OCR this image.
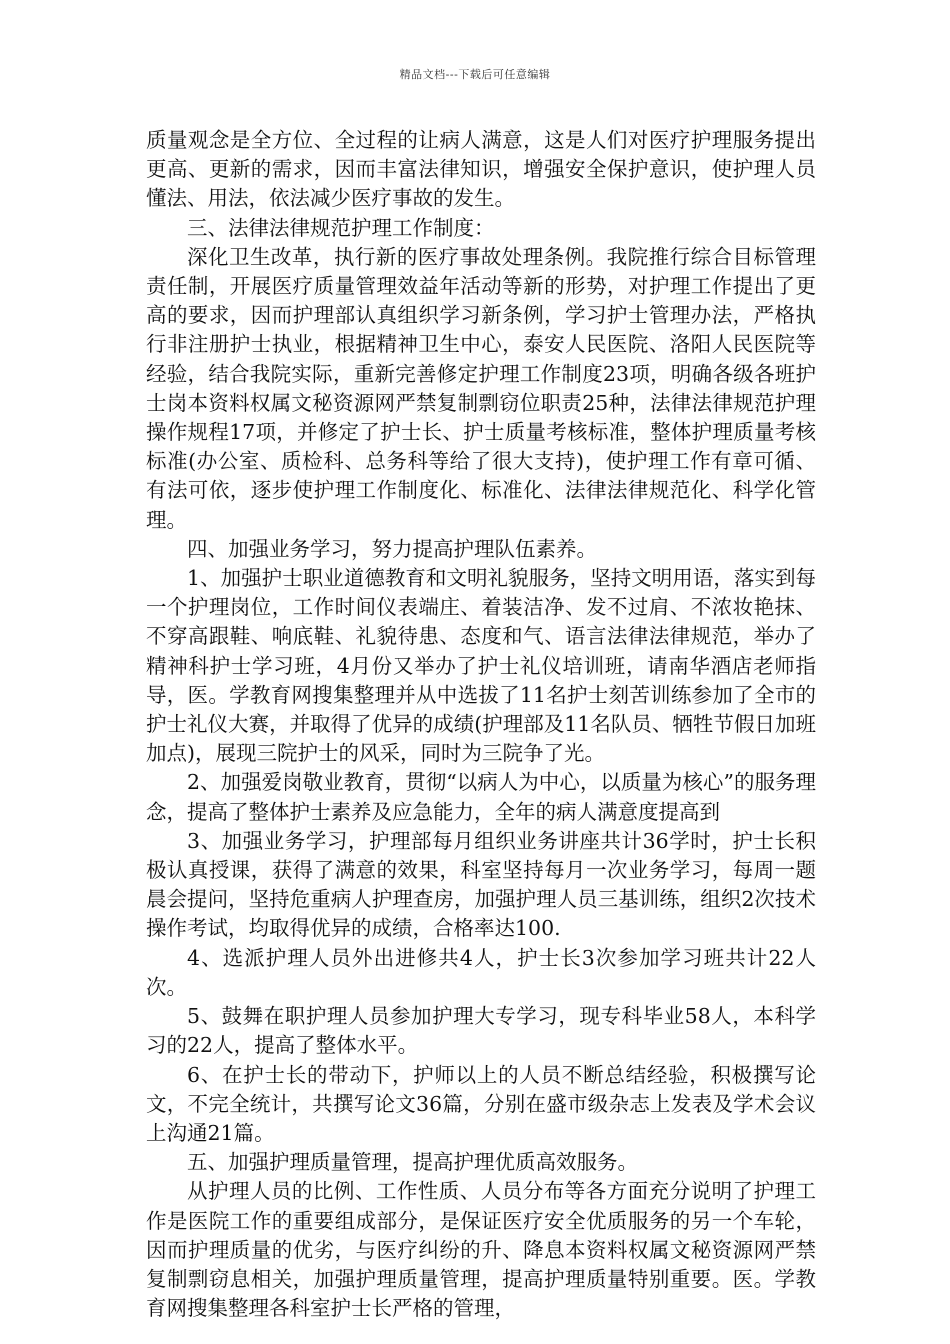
精品文档---下载后可任意编辑

质量观念是全方位、全过程的让病人满意，这是人们对医疗护理服务提出更高、更新的需求，因而丰富法律知识，增强安全保护意识，使护理人员懂法、用法，依法减少医疗事故的发生。

三、法律法律规范护理工作制度：

深化卫生改革，执行新的医疗事故处理条例。我院推行综合目标管理责任制，开展医疗质量管理效益年活动等新的形势，对护理工作提出了更高的要求，因而护理部认真组织学习新条例，学习护士管理办法，严格执行非注册护士执业，根据精神卫生中心，泰安人民医院、洛阳人民医院等经验，结合我院实际，重新完善修定护理工作制度23项，明确各级各班护士岗本资料权属文秘资源网严禁复制剽窃位职责25种，法律法律规范护理操作规程17项，并修定了护士长、护士质量考核标准，整体护理质量考核标准(办公室、质检科、总务科等给了很大支持)，使护理工作有章可循、有法可依，逐步使护理工作制度化、标准化、法律法律规范化、科学化管理。

四、加强业务学习，努力提高护理队伍素养。

1、加强护士职业道德教育和文明礼貌服务，坚持文明用语，落实到每一个护理岗位，工作时间仪表端庄、着装洁净、发不过肩、不浓妆艳抹、不穿高跟鞋、响底鞋、礼貌待患、态度和气、语言法律法律规范，举办了精神科护士学习班，4月份又举办了护士礼仪培训班，请南华酒店老师指导，医。学教育网搜集整理并从中选拔了11名护士刻苦训练参加了全市的护士礼仪大赛，并取得了优异的成绩(护理部及11名队员、牺牲节假日加班加点)，展现三院护士的风采，同时为三院争了光。

2、加强爱岗敬业教育，贯彻“以病人为中心，以质量为核心”的服务理念，提高了整体护士素养及应急能力，全年的病人满意度提高到

3、加强业务学习，护理部每月组织业务讲座共计36学时，护士长积极认真授课，获得了满意的效果，科室坚持每月一次业务学习，每周一题晨会提问，坚持危重病人护理查房，加强护理人员三基训练，组织2次技术操作考试，均取得优异的成绩，合格率达100.

4、选派护理人员外出进修共4人，护士长3次参加学习班共计22人次。

5、鼓舞在职护理人员参加护理大专学习，现专科毕业58人，本科学习的22人，提高了整体水平。

6、在护士长的带动下，护师以上的人员不断总结经验，积极撰写论文，不完全统计，共撰写论文36篇，分别在盛市级杂志上发表及学术会议上沟通21篇。

五、加强护理质量管理，提高护理优质高效服务。

从护理人员的比例、工作性质、人员分布等各方面充分说明了护理工作是医院工作的重要组成部分，是保证医疗安全优质服务的另一个车轮，因而护理质量的优劣，与医疗纠纷的升、降息本资料权属文秘资源网严禁复制剽窃息相关，加强护理质量管理，提高护理质量特别重要。医。学教育网搜集整理各科室护士长严格的管理，
